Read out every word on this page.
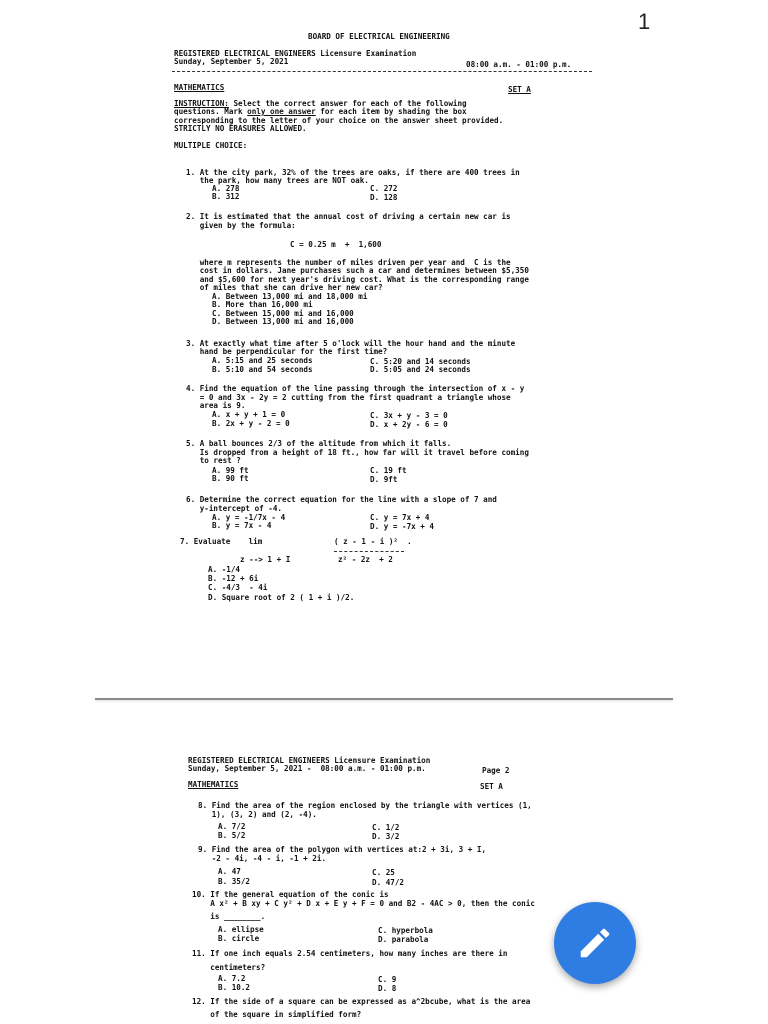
1
BOARD OF ELECTRICAL ENGINEERING
REGISTERED ELECTRICAL ENGINEERS Licensure Examination
Sunday, September 5, 2021	08:00 a.m. - 01:00 p.m.
MATHEMATICS	SET A
INSTRUCTION: Select the correct answer for each of the following
questions. Mark only one answer for each item by shading the box
corresponding to the letter of your choice on the answer sheet provided.
STRICTLY NO ERASURES ALLOWED.
MULTIPLE CHOICE:
1. At the city park, 32% of the trees are oaks, if there are 400 trees in
the park, how many trees are NOT oak.
A. 278	C. 272
B. 312	D. 128
2. It is estimated that the annual cost of driving a certain new car is
given by the formula:
C = 0.25 m  +  1,600
where m represents the number of miles driven per year and  C is the
cost in dollars. Jane purchases such a car and determines between $5,350
and $5,600 for next year's driving cost. What is the corresponding range
of miles that she can drive her new car?
A. Between 13,000 mi and 18,000 mi
B. More than 16,000 mi
C. Between 15,000 mi and 16,000
D. Between 13,000 mi and 16,000
3. At exactly what time after 5 o'lock will the hour hand and the minute
hand be perpendicular for the first time?
A. 5:15 and 25 seconds	C. 5:20 and 14 seconds
B. 5:10 and 54 seconds	D. 5:05 and 24 seconds
4. Find the equation of the line passing through the intersection of x - y
= 0 and 3x - 2y = 2 cutting from the first quadrant a triangle whose
area is 9.
A. x + y + 1 = 0	C. 3x + y - 3 = 0
B. 2x + y - 2 = 0	D. x + 2y - 6 = 0
5. A ball bounces 2/3 of the altitude from which it falls.
Is dropped from a height of 18 ft., how far will it travel before coming
to rest ?
A. 99 ft	C. 19 ft
B. 90 ft	D. 9ft
6. Determine the correct equation for the line with a slope of 7 and
y-intercept of -4.
A. y = -1/7x - 4	C. y = 7x + 4
B. y = 7x - 4	D. y = -7x + 4
7. Evaluate    lim	( z - 1 - i )²  .
z --> 1 + I	z² - 2z  + 2
A. -1/4
B. -12 + 6i
C. -4/3  - 4i
D. Square root of 2 ( 1 + i )/2.
REGISTERED ELECTRICAL ENGINEERS Licensure Examination
Sunday, September 5, 2021 -  08:00 a.m. - 01:00 p.m.	Page 2
MATHEMATICS	SET A
8. Find the area of the region enclosed by the triangle with vertices (1,
1), (3, 2) and (2, -4).
A. 7/2	C. 1/2
B. 5/2	D. 3/2
9. Find the area of the polygon with vertices at:2 + 3i, 3 + I,
-2 - 4i, -4 - i, -1 + 2i.
A. 47	C. 25
B. 35/2	D. 47/2
10. If the general equation of the conic is
A x² + B xy + C y² + D x + E y + F = 0 and B2 - 4AC > 0, then the conic
is ________.
A. ellipse	C. hyperbola
B. circle	D. parabola
11. If one inch equals 2.54 centimeters, how many inches are there in
centimeters?
A. 7.2	C. 9
B. 10.2	D. 8
12. If the side of a square can be expressed as a^2bcube, what is the area
of the square in simplified form?
